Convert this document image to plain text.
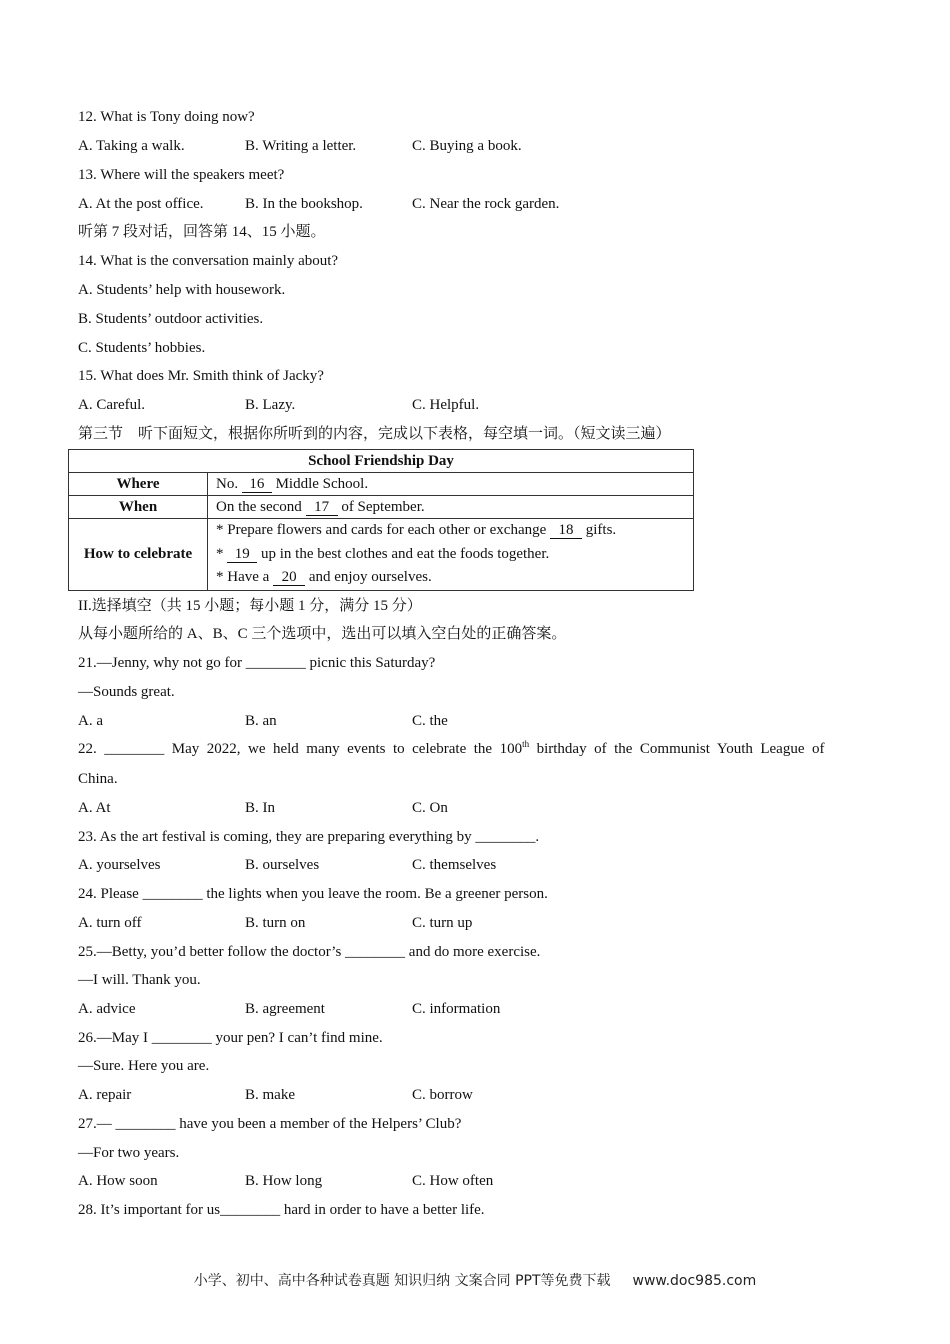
12. What is Tony doing now?
A. Taking a walk.	B. Writing a letter.	C. Buying a book.
13. Where will the speakers meet?
A. At the post office.	B. In the bookshop.	C. Near the rock garden.
听第 7 段对话，回答第 14、15 小题。
14. What is the conversation mainly about?
A. Students’ help with housework.
B. Students’ outdoor activities.
C. Students’ hobbies.
15. What does Mr. Smith think of Jacky?
A. Careful.	B. Lazy.	C. Helpful.
第三节　听下面短文，根据你所听到的内容，完成以下表格，每空填一词。（短文读三遍）
School Friendship Day	
Where	No. 16 Middle School.
When	On the second 17 of September.
How to celebrate	* Prepare flowers and cards for each other or exchange 18 gifts.
* 19 up in the best clothes and eat the foods together.
* Have a 20 and enjoy ourselves.
II.选择填空（共 15 小题；每小题 1 分，满分 15 分）
从每小题所给的 A、B、C 三个选项中，选出可以填入空白处的正确答案。
21.—Jenny, why not go for ________ picnic this Saturday?
—Sounds great.
A. a	B. an	C. the
22.  ________  May  2022,  we  held  many  events  to  celebrate  the  100th  birthday  of  the  Communist  Youth  League  of
China.
A. At	B. In	C. On
23. As the art festival is coming, they are preparing everything by ________.
A. yourselves	B. ourselves	C. themselves
24. Please ________ the lights when you leave the room. Be a greener person.
A. turn off	B. turn on	C. turn up
25.—Betty, you’d better follow the doctor’s ________ and do more exercise.
—I will. Thank you.
A. advice	B. agreement	C. information
26.—May I ________ your pen? I can’t find mine.
—Sure. Here you are.
A. repair	B. make	C. borrow
27.— ________ have you been a member of the Helpers’ Club?
—For two years.
A. How soon	B. How long	C. How often
28. It’s important for us________ hard in order to have a better life.
小学、初中、高中各种试卷真题 知识归纳 文案合同 PPT等免费下载 www.doc985.com
